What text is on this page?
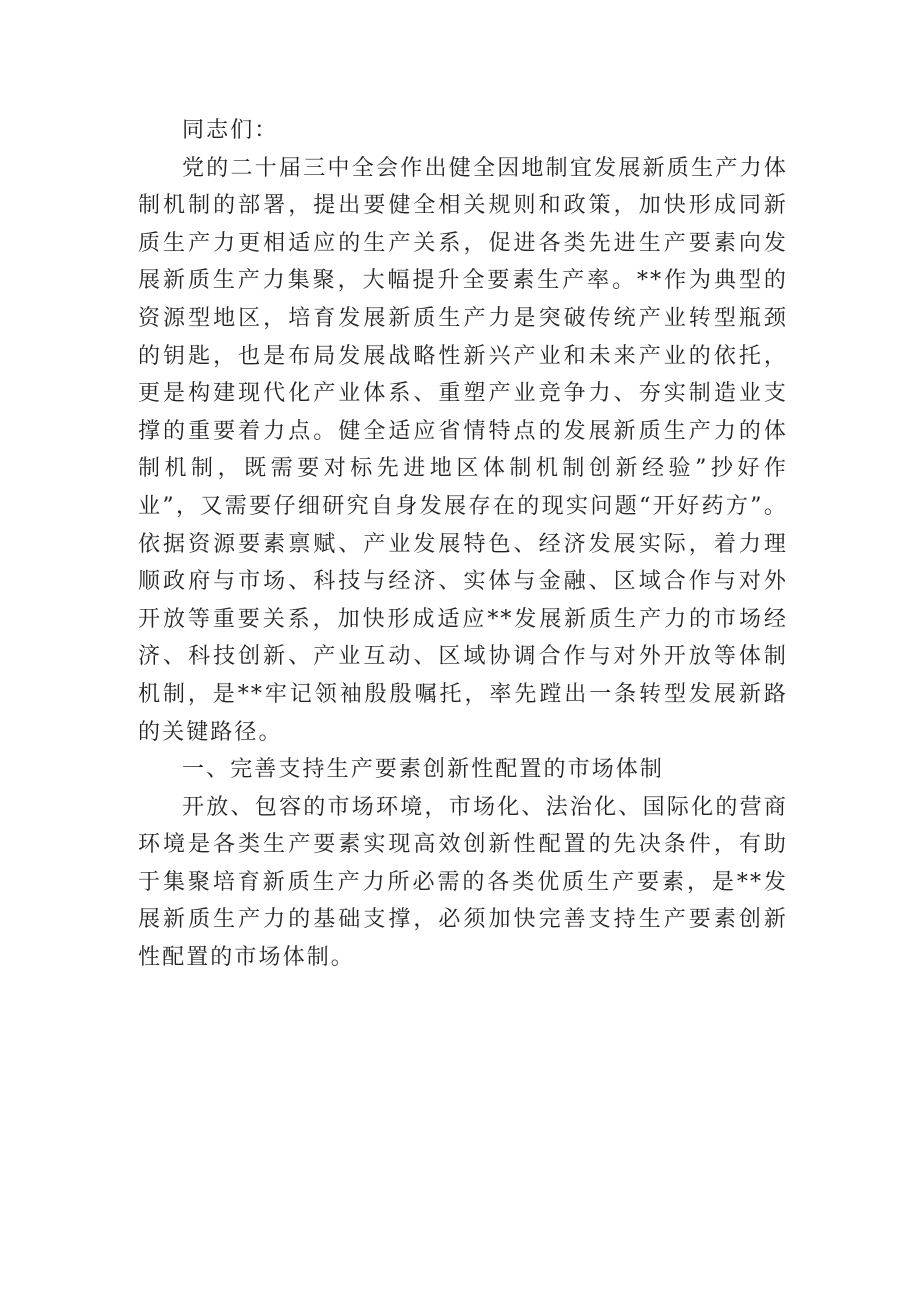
同志们：

党的二十届三中全会作出健全因地制宜发展新质生产力体制机制的部署，提出要健全相关规则和政策，加快形成同新质生产力更相适应的生产关系，促进各类先进生产要素向发展新质生产力集聚，大幅提升全要素生产率。**作为典型的资源型地区，培育发展新质生产力是突破传统产业转型瓶颈的钥匙，也是布局发展战略性新兴产业和未来产业的依托，更是构建现代化产业体系、重塑产业竞争力、夯实制造业支撑的重要着力点。健全适应省情特点的发展新质生产力的体制机制，既需要对标先进地区体制机制创新经验”抄好作业”，又需要仔细研究自身发展存在的现实问题“开好药方”。依据资源要素禀赋、产业发展特色、经济发展实际，着力理顺政府与市场、科技与经济、实体与金融、区域合作与对外开放等重要关系，加快形成适应**发展新质生产力的市场经济、科技创新、产业互动、区域协调合作与对外开放等体制机制，是**牢记领袖殷殷嘱托，率先蹚出一条转型发展新路的关键路径。

一、完善支持生产要素创新性配置的市场体制

开放、包容的市场环境，市场化、法治化、国际化的营商环境是各类生产要素实现高效创新性配置的先决条件，有助于集聚培育新质生产力所必需的各类优质生产要素，是**发展新质生产力的基础支撑，必须加快完善支持生产要素创新性配置的市场体制。
